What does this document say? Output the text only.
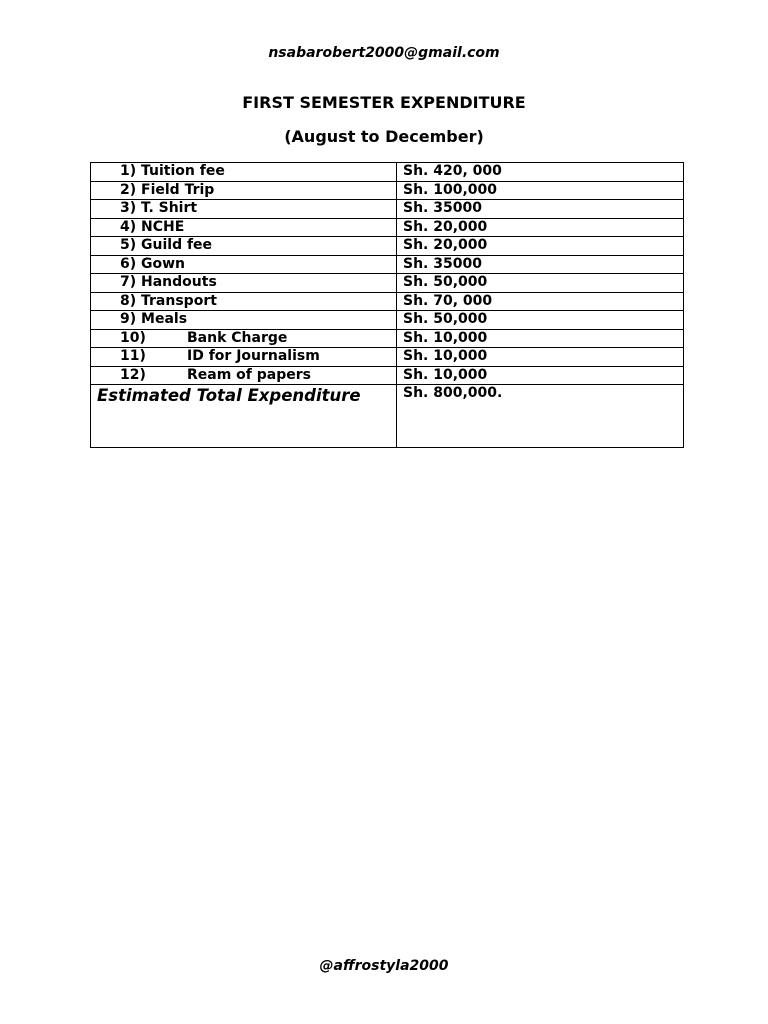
nsabarobert2000@gmail.com
FIRST SEMESTER EXPENDITURE
(August to December)
1) Tuition fee	Sh. 420, 000
2) Field Trip	Sh. 100,000
3) T. Shirt	Sh. 35000
4) NCHE	Sh. 20,000
5) Guild fee	Sh. 20,000
6) Gown	Sh. 35000
7) Handouts	Sh. 50,000
8) Transport	Sh. 70, 000
9) Meals	Sh. 50,000
10) Bank Charge	Sh. 10,000
11) ID for Journalism	Sh. 10,000
12) Ream of papers	Sh. 10,000
Estimated Total Expenditure	Sh. 800,000.
@affrostyla2000
